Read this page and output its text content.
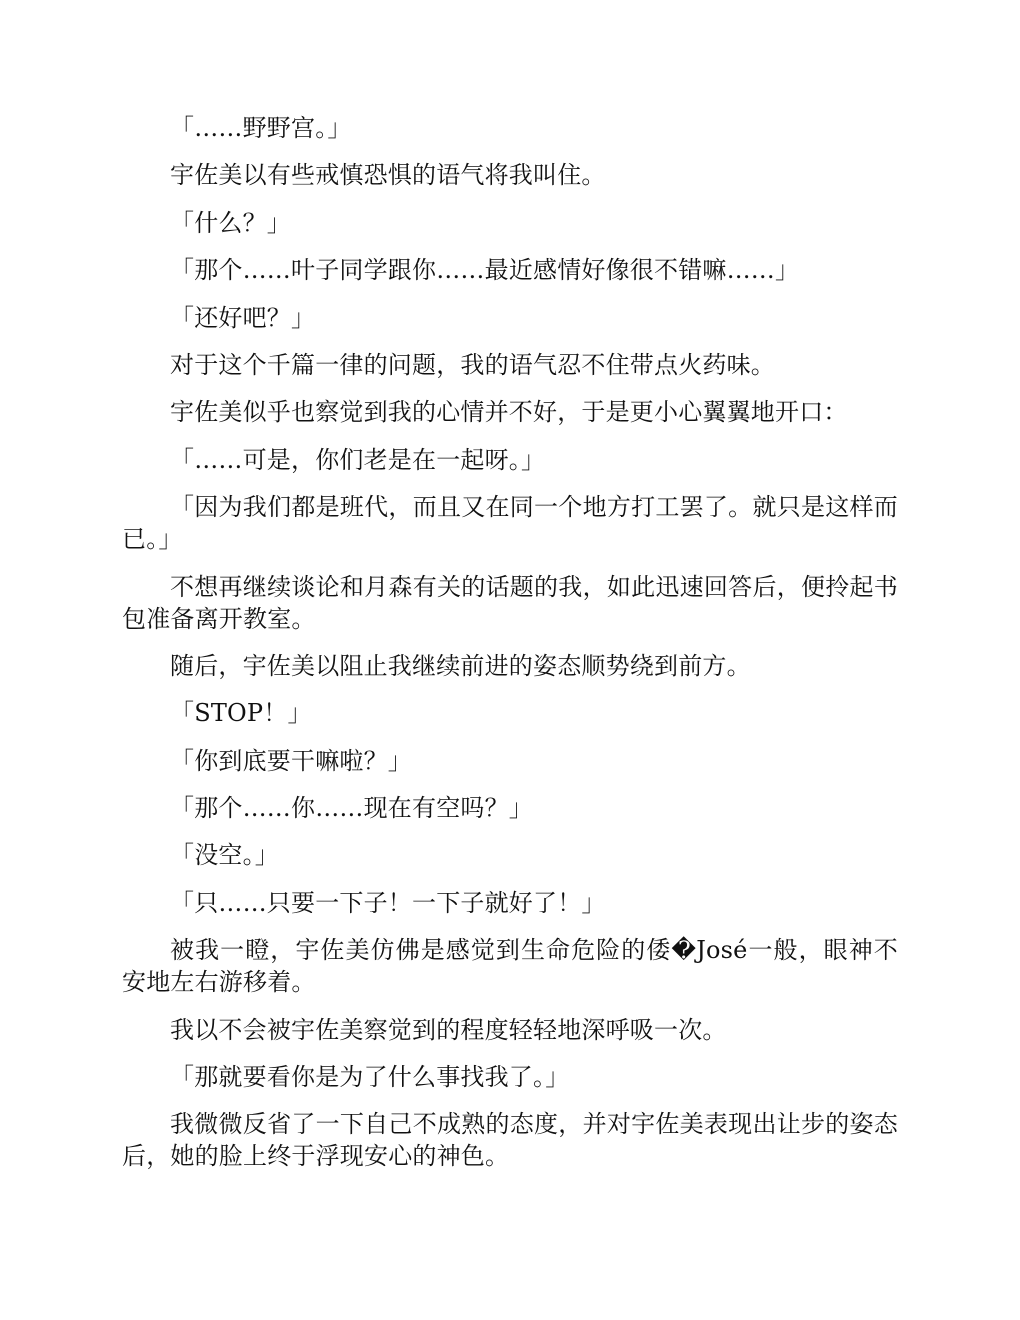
「……野野宫。」

宇佐美以有些戒慎恐惧的语气将我叫住。

「什么？」

「那个……叶子同学跟你……最近感情好像很不错嘛……」

「还好吧？」

对于这个千篇一律的问题，我的语气忍不住带点火药味。

宇佐美似乎也察觉到我的心情并不好，于是更小心翼翼地开口：

「……可是，你们老是在一起呀。」

「因为我们都是班代，而且又在同一个地方打工罢了。就只是这样而已。」

不想再继续谈论和月森有关的话题的我，如此迅速回答后，便拎起书包准备离开教室。

随后，宇佐美以阻止我继续前进的姿态顺势绕到前方。

「STOP！」

「你到底要干嘛啦？」

「那个……你……现在有空吗？」

「没空。」

「只……只要一下子！一下子就好了！」

被我一瞪，宇佐美仿佛是感觉到生命危险的倭�José一般，眼神不安地左右游移着。

我以不会被宇佐美察觉到的程度轻轻地深呼吸一次。

「那就要看你是为了什么事找我了。」

我微微反省了一下自己不成熟的态度，并对宇佐美表现出让步的姿态后，她的脸上终于浮现安心的神色。
